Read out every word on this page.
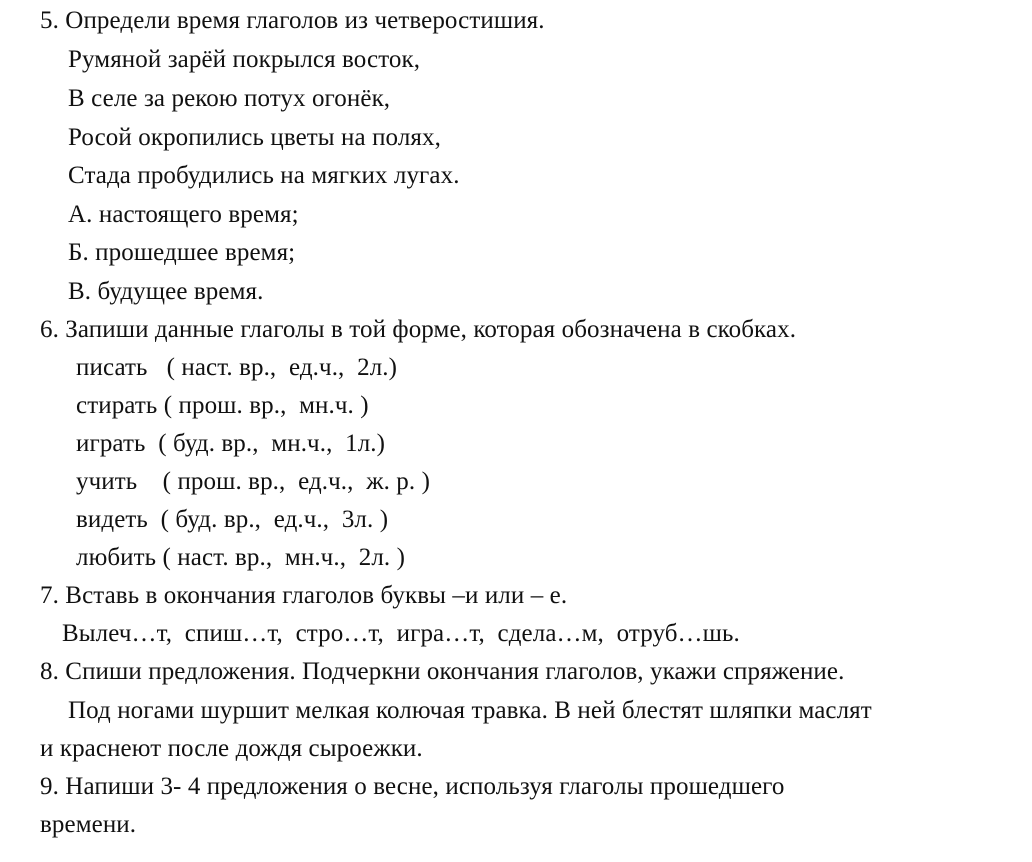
5. Определи время глаголов из четверостишия.
Румяной зарёй покрылся восток,
В селе за рекою потух огонёк,
Росой окропились цветы на полях,
Стада пробудились на мягких лугах.
А. настоящего время;
Б. прошедшее время;
В. будущее время.
6. Запиши данные глаголы в той форме, которая обозначена в скобках.
писать   ( наст. вр.,  ед.ч.,  2л.)
стирать ( прош. вр.,  мн.ч. )
играть  ( буд. вр.,  мн.ч.,  1л.)
учить    ( прош. вр.,  ед.ч.,  ж. р. )
видеть  ( буд. вр.,  ед.ч.,  3л. )
любить ( наст. вр.,  мн.ч.,  2л. )
7. Вставь в окончания глаголов буквы –и или – е.
Вылеч…т,  спиш…т,  стро…т,  игра…т,  сдела…м,  отруб…шь.
8. Спиши предложения. Подчеркни окончания глаголов, укажи спряжение.
Под ногами шуршит мелкая колючая травка. В ней блестят шляпки маслят
и краснеют после дождя сыроежки.
9. Напиши 3- 4 предложения о весне, используя глаголы прошедшего
времени.
